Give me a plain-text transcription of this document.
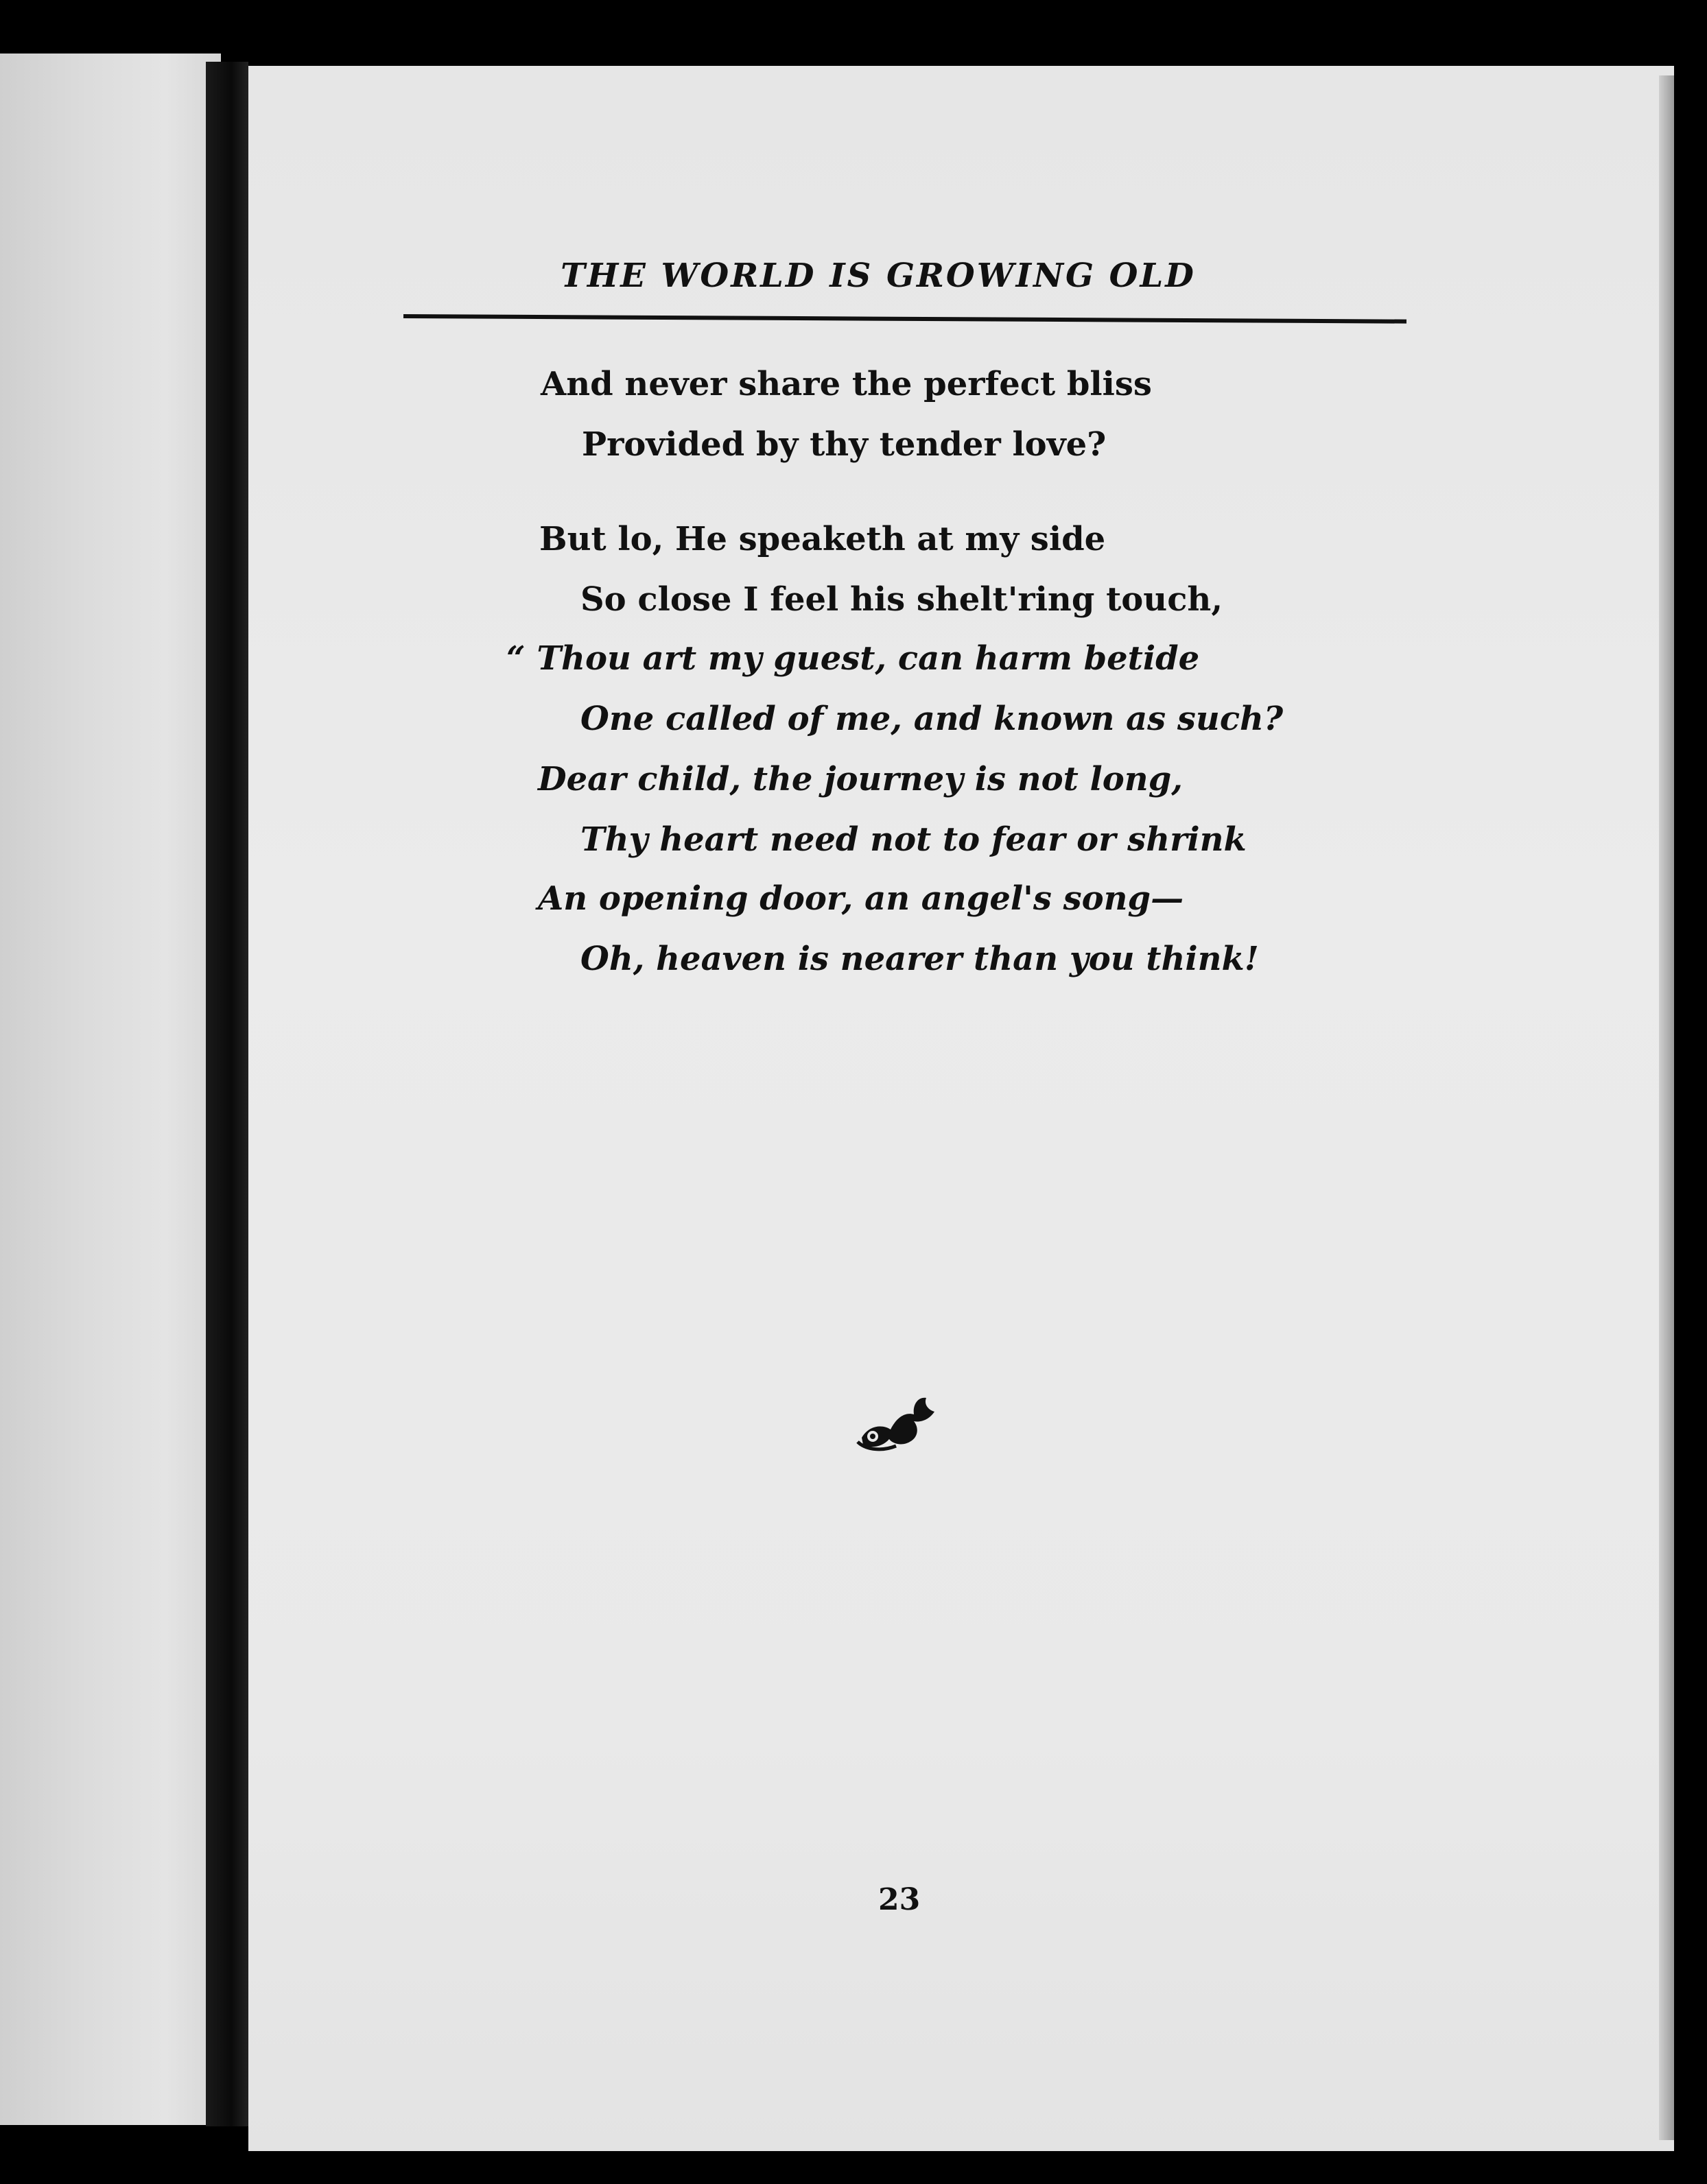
THE WORLD IS GROWING OLD
And never share the perfect bliss
Provided by thy tender love?
But lo, He speaketh at my side
So close I feel his shelt'ring touch,
“ Thou art my guest, can harm betide
One called of me, and known as such?
Dear child, the journey is not long,
Thy heart need not to fear or shrink
An opening door, an angel's song—
Oh, heaven is nearer than you think!
23
